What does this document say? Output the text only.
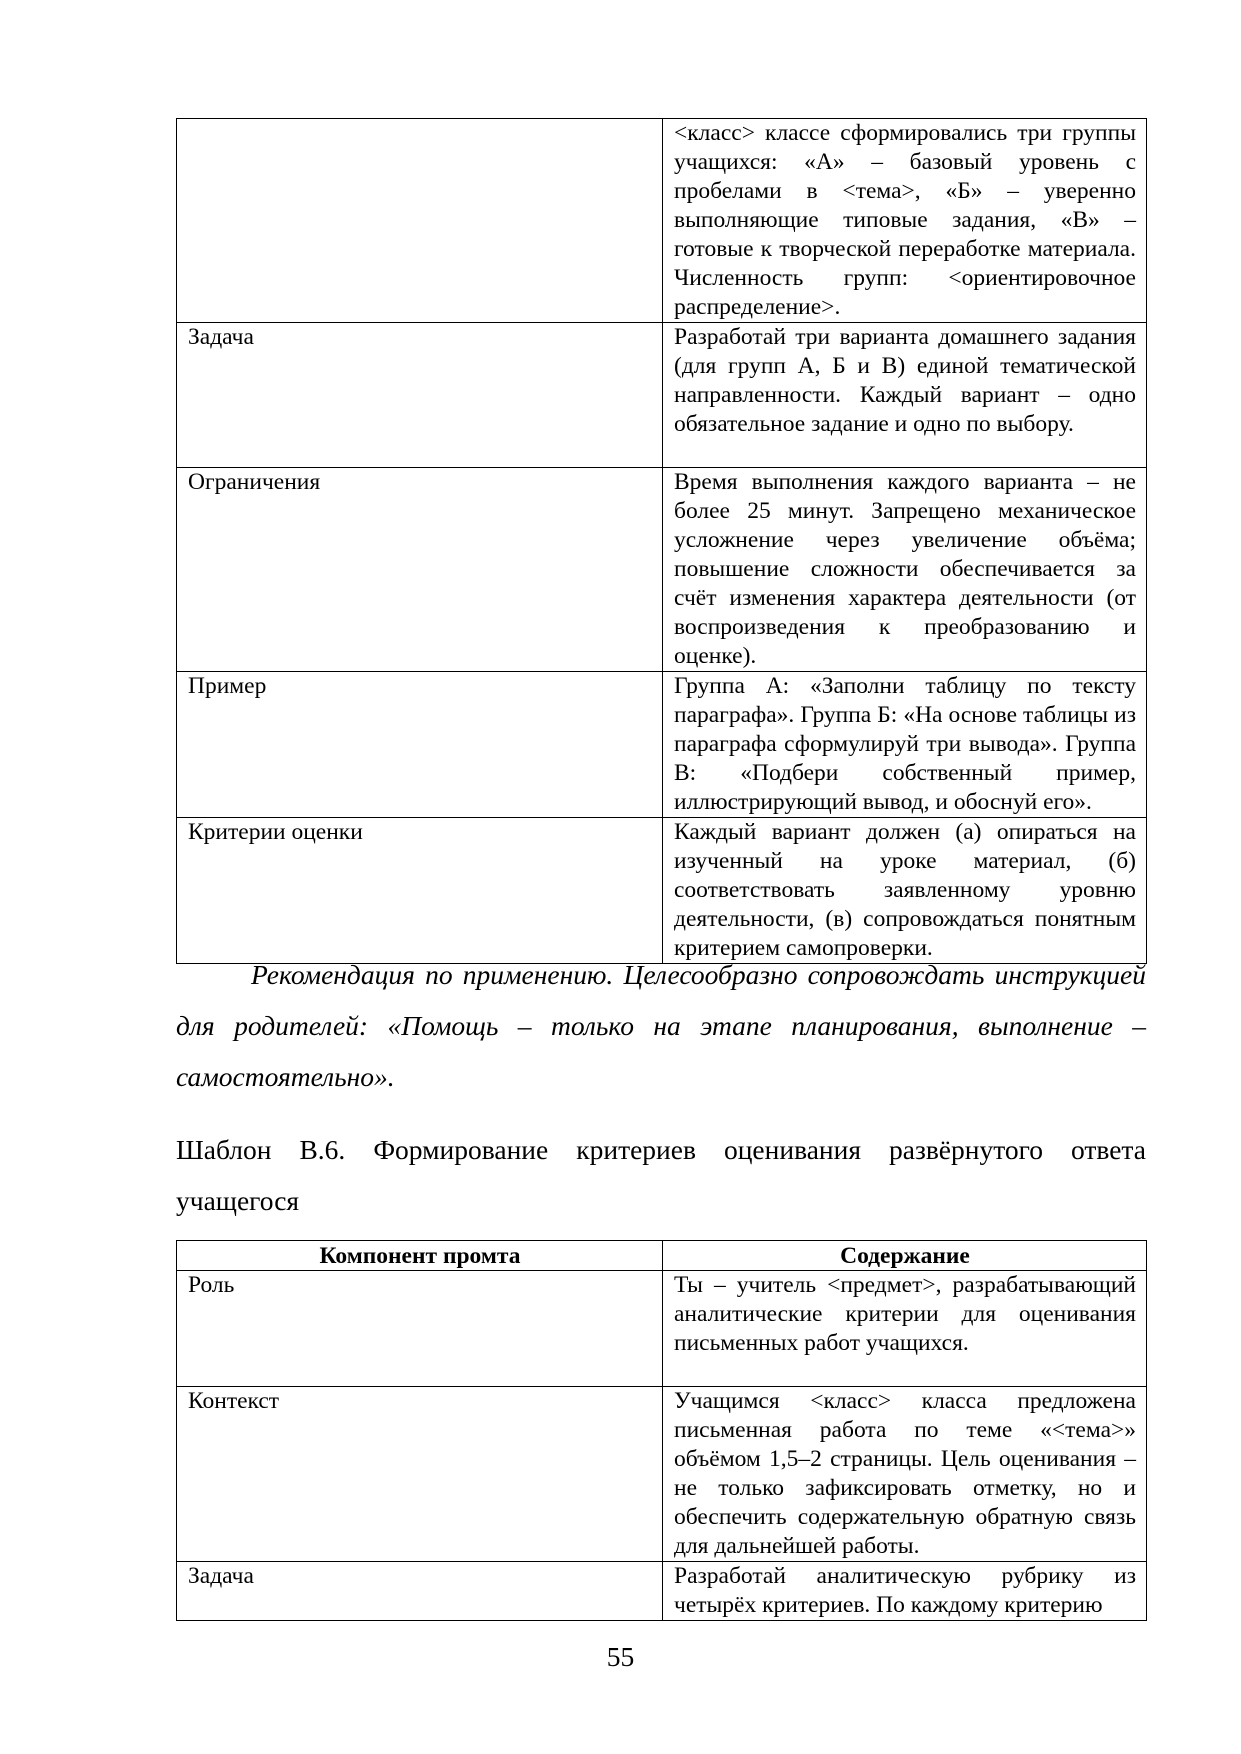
	<класс> классе сформировались три группы учащихся: «А» – базовый уровень с пробелами в <тема>, «Б» – уверенно выполняющие типовые задания, «В» – готовые к творческой переработке материала. Численность групп: <ориентировочное распределение>.
Задача	Разработай три варианта домашнего задания (для групп А, Б и В) единой тематической направленности. Каждый вариант – одно обязательное задание и одно по выбору.
Ограничения	Время выполнения каждого варианта – не более 25 минут. Запрещено механическое усложнение через увеличение объёма; повышение сложности обеспечивается за счёт изменения характера деятельности (от воспроизведения к преобразованию и оценке).
Пример	Группа А: «Заполни таблицу по тексту параграфа». Группа Б: «На основе таблицы из параграфа сформулируй три вывода». Группа В: «Подбери собственный пример, иллюстрирующий вывод, и обоснуй его».
Критерии оценки	Каждый вариант должен (а) опираться на изученный на уроке материал, (б) соответствовать заявленному уровню деятельности, (в) сопровождаться понятным критерием самопроверки.

Рекомендация по применению. Целесообразно сопровождать инструкцией для родителей: «Помощь – только на этапе планирования, выполнение – самостоятельно».

Шаблон В.6. Формирование критериев оценивания развёрнутого ответа учащегося

Компонент промта	Содержание
Роль	Ты – учитель <предмет>, разрабатывающий аналитические критерии для оценивания письменных работ учащихся.
Контекст	Учащимся <класс> класса предложена письменная работа по теме «<тема>» объёмом 1,5–2 страницы. Цель оценивания – не только зафиксировать отметку, но и обеспечить содержательную обратную связь для дальнейшей работы.
Задача	Разработай аналитическую рубрику из четырёх критериев. По каждому критерию
55
